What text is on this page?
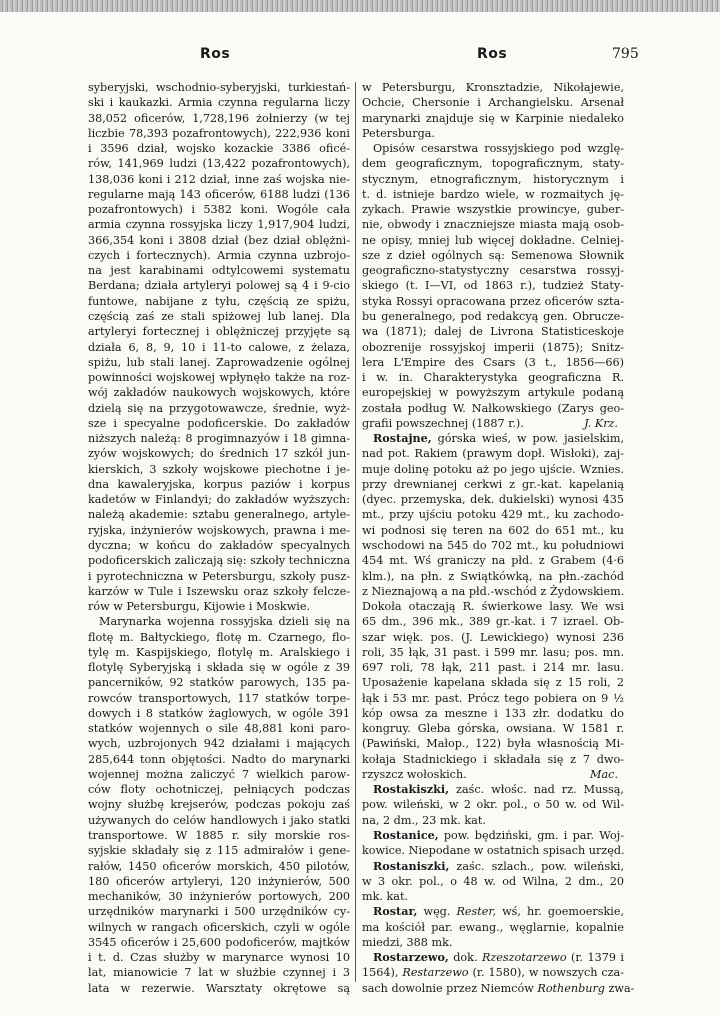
Ros	Ros	795
syberyjski, wschodnio-syberyjski, turkiestań-
ski i kaukazki. Armia czynna regularna liczy
38,052 oficerów, 1,728,196 żołnierzy (w tej
liczbie 78,393 pozafrontowych), 222,936 koni
i 3596 dział, wojsko kozackie 3386 oficé-
rów, 141,969 ludzi (13,422 pozafrontowych),
138,036 koni i 212 dział, inne zaś wojska nie-
regularne mają 143 oficerów, 6188 ludzi (136
pozafrontowych) i 5382 koni. Wogóle cała
armia czynna rossyjska liczy 1,917,904 ludzi,
366,354 koni i 3808 dział (bez dział oblężni-
czych i fortecznych). Armia czynna uzbrojo-
na jest karabinami odtylcowemi systematu
Berdana; działa artyleryi polowej są 4 i 9-cio
funtowe, nabijane z tyłu, częścią ze spiżu,
częścią zaś ze stali spiżowej lub lanej. Dla
artyleryi fortecznej i oblężniczej przyjęte są
działa 6, 8, 9, 10 i 11-to calowe, z żelaza,
spiżu, lub stali lanej. Zaprowadzenie ogólnej
powinności wojskowej wpłynęło także na roz-
wój zakładów naukowych wojskowych, które
dzielą się na przygotowawcze, średnie, wyż-
sze i specyalne podoficerskie. Do zakładów
niższych należą: 8 progimnazyów i 18 gimna-
zyów wojskowych; do średnich 17 szkół jun-
kierskich, 3 szkoły wojskowe piechotne i je-
dna kawaleryjska, korpus paziów i korpus
kadetów w Finlandyi; do zakładów wyższych:
należą akademie: sztabu generalnego, artyle-
ryjska, inżynierów wojskowych, prawna i me-
dyczna; w końcu do zakładów specyalnych
podoficerskich zaliczają się: szkoły techniczna
i pyrotechniczna w Petersburgu, szkoły pusz-
karzów w Tule i Iszewsku oraz szkoły felcze-
rów w Petersburgu, Kijowie i Moskwie.
Marynarka wojenna rossyjska dzieli się na
flotę m. Bałtyckiego, flotę m. Czarnego, flo-
tylę m. Kaspijskiego, flotylę m. Aralskiego i
flotylę Syberyjską i składa się w ogóle z 39
pancerników, 92 statków parowych, 135 pa-
rowców transportowych, 117 statków torpe-
dowych i 8 statków żaglowych, w ogóle 391
statków wojennych o sile 48,881 koni paro-
wych, uzbrojonych 942 działami i mających
285,644 tonn objętości. Nadto do marynarki
wojennej można zaliczyć 7 wielkich parow-
ców floty ochotniczej, pełniących podczas
wojny służbę krejserów, podczas pokoju zaś
używanych do celów handlowych i jako statki
transportowe. W 1885 r. siły morskie ros-
syjskie składały się z 115 admirałów i gene-
rałów, 1450 oficerów morskich, 450 pilotów,
180 oficerów artyleryi, 120 inżynierów, 500
mechaników, 30 inżynierów portowych, 200
urzędników marynarki i 500 urzędników cy-
wilnych w rangach oficerskich, czyli w ogóle
3545 oficerów i 25,600 podoficerów, majtków
i t. d. Czas służby w marynarce wynosi 10
lat, mianowicie 7 lat w służbie czynnej i 3
lata w rezerwie. Warsztaty okrętowe są
w Petersburgu, Kronsztadzie, Nikołajewie,
Ochcie, Chersonie i Archangielsku. Arsenał
marynarki znajduje się w Karpinie niedaleko
Petersburga.
Opisów cesarstwa rossyjskiego pod wzglę-
dem geograficznym, topograficznym, staty-
stycznym, etnograficznym, historycznym i
t. d. istnieje bardzo wiele, w rozmaitych ję-
zykach. Prawie wszystkie prowincye, guber-
nie, obwody i znaczniejsze miasta mają osob-
ne opisy, mniej lub więcej dokładne. Celniej-
sze z dzieł ogólnych są: Semenowa Słownik
geograficzno-statystyczny cesarstwa rossyj-
skiego (t. I—VI, od 1863 r.), tudzież Staty-
styka Rossyi opracowana przez oficerów szta-
bu generalnego, pod redakcyą gen. Obrucze-
wa (1871); dalej de Livrona Statisticeskoje
obozrenije rossyjskoj imperii (1875); Snitz-
lera L'Empire des Csars (3 t., 1856—66)
i w. in. Charakterystyka geograficzna R.
europejskiej w powyższym artykule podaną
została podług W. Nałkowskiego (Zarys geo-
grafii powszechnej (1887 r.).	J. Krz.
Rostajne, górska wieś, w pow. jasielskim,
nad pot. Rakiem (prawym dopł. Wisłoki), zaj-
muje dolinę potoku aż po jego ujście. Wznies.
przy drewnianej cerkwi z gr.-kat. kapelanią
(dyec. przemyska, dek. dukielski) wynosi 435
mt., przy ujściu potoku 429 mt., ku zachodo-
wi podnosi się teren na 602 do 651 mt., ku
wschodowi na 545 do 702 mt., ku południowi
454 mt. Wś graniczy na płd. z Grabem (4·6
klm.), na płn. z Swiątkówką, na płn.-zachód
z Nieznajową a na płd.-wschód z Żydowskiem.
Dokoła otaczają R. świerkowe lasy. We wsi
65 dm., 396 mk., 389 gr.-kat. i 7 izrael. Ob-
szar więk. pos. (J. Lewickiego) wynosi 236
roli, 35 łąk, 31 past. i 599 mr. lasu; pos. mn.
697 roli, 78 łąk, 211 past. i 214 mr. lasu.
Uposażenie kapelana składa się z 15 roli, 2
łąk i 53 mr. past. Prócz tego pobiera on 9 ½
kóp owsa za meszne i 133 złr. dodatku do
kongruy. Gleba górska, owsiana. W 1581 r.
(Pawiński, Małop., 122) była własnością Mi-
kołaja Stadnickiego i składała się z 7 dwo-
rzyszcz wołoskich.	Mac.
Rostakiszki, zaśc. włośc. nad rz. Mussą,
pow. wileński, w 2 okr. pol., o 50 w. od Wil-
na, 2 dm., 23 mk. kat.
Rostanice, pow. będziński, gm. i par. Woj-
kowice. Niepodane w ostatnich spisach urzęd.
Rostaniszki, zaśc. szlach., pow. wileński,
w 3 okr. pol., o 48 w. od Wilna, 2 dm., 20
mk. kat.
Rostar, węg. Rester, wś, hr. goemoerskie,
ma kościół par. ewang., węglarnie, kopalnie
miedzi, 388 mk.
Rostarzewo, dok. Rzeszotarzewo (r. 1379 i
1564), Restarzewo (r. 1580), w nowszych cza-
sach dowolnie przez Niemców Rothenburg zwa-
